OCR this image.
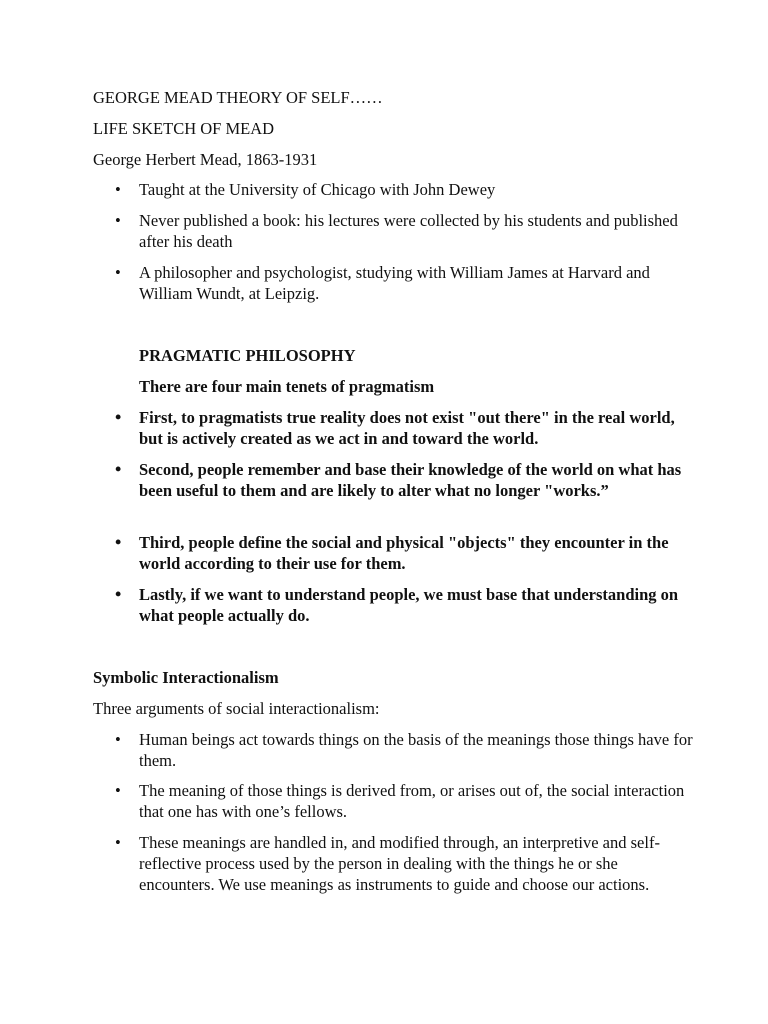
GEORGE MEAD THEORY OF SELF……
LIFE SKETCH OF MEAD
George Herbert Mead, 1863-1931
•	Taught at the University of Chicago with John Dewey
•	Never published a book: his lectures were collected by his students and published after his death
•	A philosopher and psychologist, studying with William James at Harvard and William Wundt, at Leipzig.
PRAGMATIC PHILOSOPHY
There are four main tenets of pragmatism
•	First, to pragmatists true reality does not exist "out there" in the real world, but is actively created as we act in and toward the world.
•	Second, people remember and base their knowledge of the world on what has been useful to them and are likely to alter what no longer "works.”
•	Third, people define the social and physical "objects" they encounter in the world according to their use for them.
•	Lastly, if we want to understand people, we must base that understanding on what people actually do.
Symbolic Interactionalism
Three arguments of social interactionalism:
•	Human beings act towards things on the basis of the meanings those things have for them.
•	The meaning of those things is derived from, or arises out of, the social interaction that one has with one’s fellows.
•	These meanings are handled in, and modified through, an interpretive and self-reflective process used by the person in dealing with the things he or she encounters. We use meanings as instruments to guide and choose our actions.
